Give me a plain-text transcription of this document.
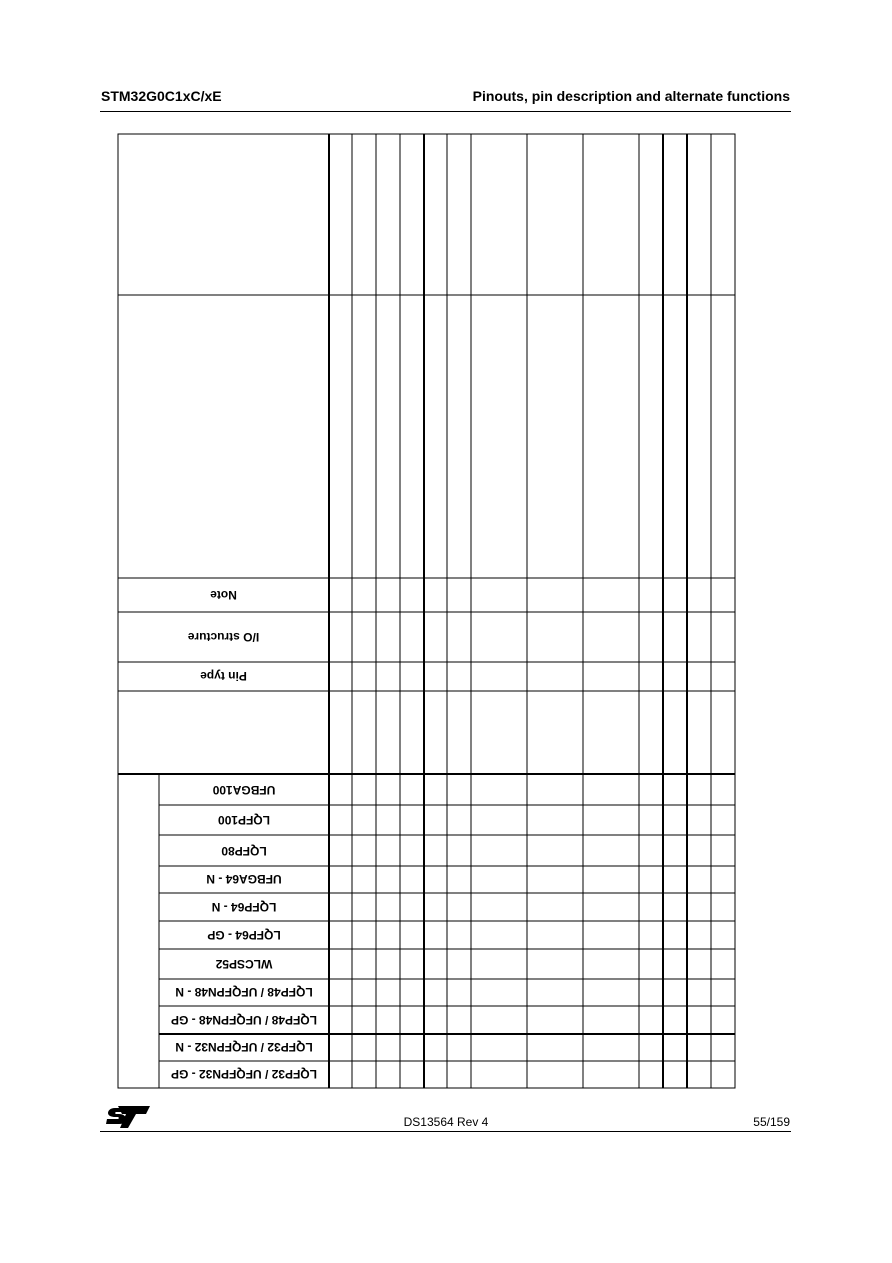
STM32G0C1xC/xE	Pinouts, pin description and alternate functions
Note
I/O structure
Pin type
UFBGA100
LQFP100
LQFP80
UFBGA64 - N
LQFP64 - N
LQFP64 - GP
WLCSP52
LQFP48 / UFQFPN48 - N
LQFP48 / UFQFPN48 - GP
LQFP32 / UFQFPN32 - N
LQFP32 / UFQFPN32 - GP
DS13564 Rev 4	55/159
